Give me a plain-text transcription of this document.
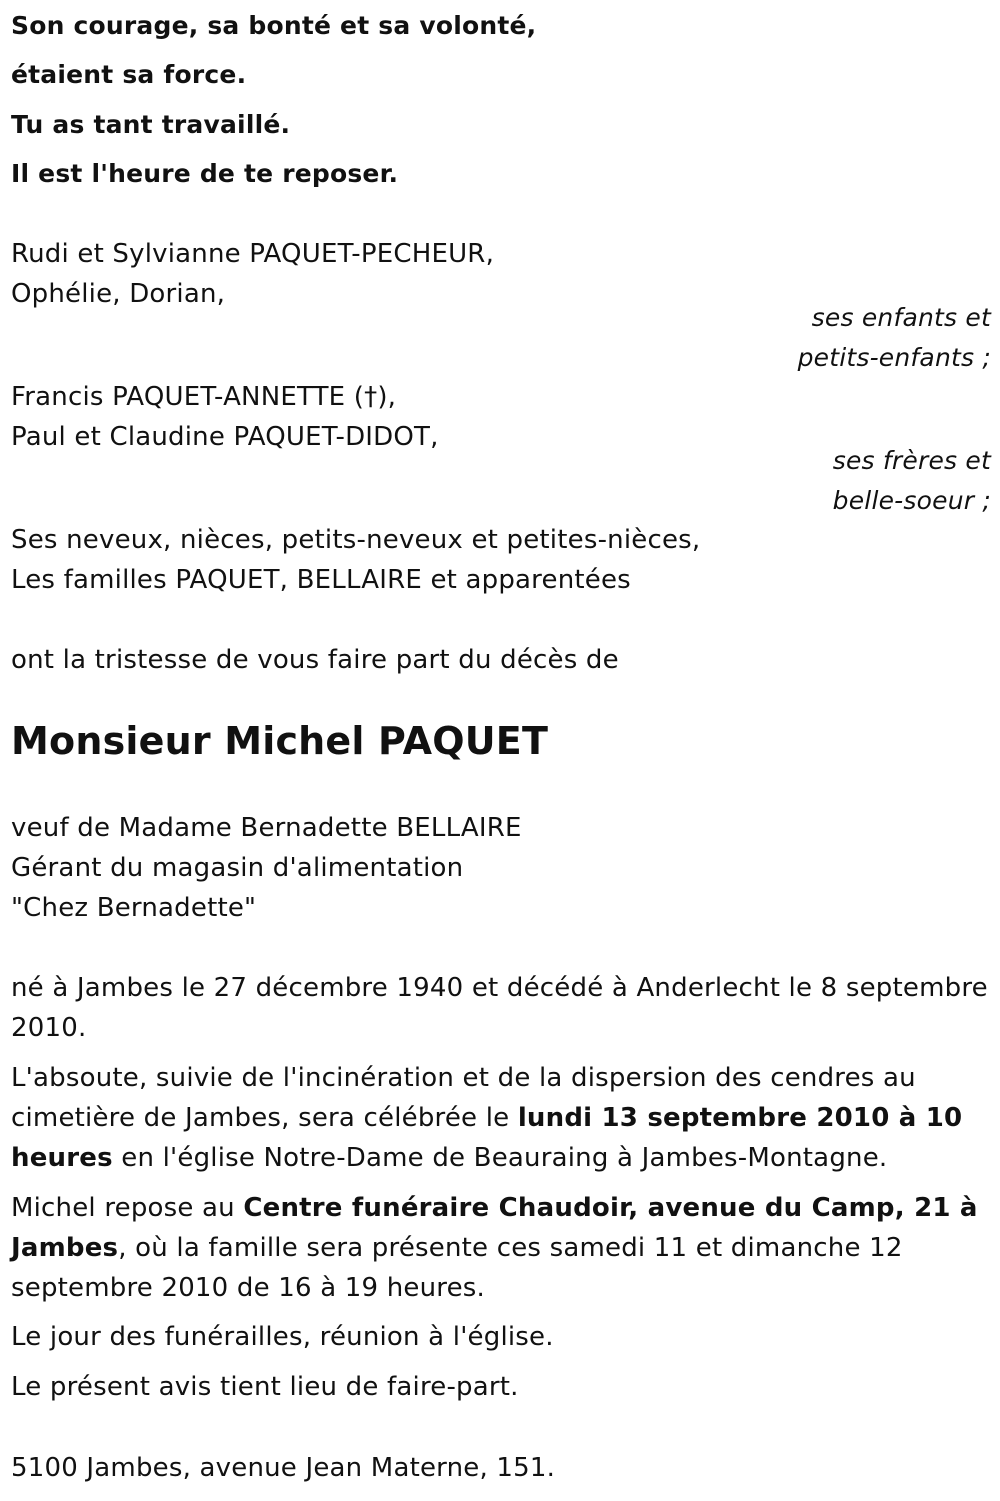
Son courage, sa bonté et sa volonté,
étaient sa force.
Tu as tant travaillé.
Il est l'heure de te reposer.
Rudi et Sylvianne PAQUET-PECHEUR,
Ophélie, Dorian,
ses enfants et
petits-enfants ;
Francis PAQUET-ANNETTE (†),
Paul et Claudine PAQUET-DIDOT,
ses frères et
belle-soeur ;
Ses neveux, nièces, petits-neveux et petites-nièces,
Les familles PAQUET, BELLAIRE et apparentées
ont la tristesse de vous faire part du décès de
Monsieur Michel PAQUET
veuf de Madame Bernadette BELLAIRE
Gérant du magasin d'alimentation
"Chez Bernadette"
né à Jambes le 27 décembre 1940 et décédé à Anderlecht le 8 septembre
2010.
L'absoute, suivie de l'incinération et de la dispersion des cendres au
cimetière de Jambes, sera célébrée le lundi 13 septembre 2010 à 10
heures en l'église Notre-Dame de Beauraing à Jambes-Montagne.
Michel repose au Centre funéraire Chaudoir, avenue du Camp, 21 à
Jambes, où la famille sera présente ces samedi 11 et dimanche 12
septembre 2010 de 16 à 19 heures.
Le jour des funérailles, réunion à l'église.
Le présent avis tient lieu de faire-part.
5100 Jambes, avenue Jean Materne, 151.
